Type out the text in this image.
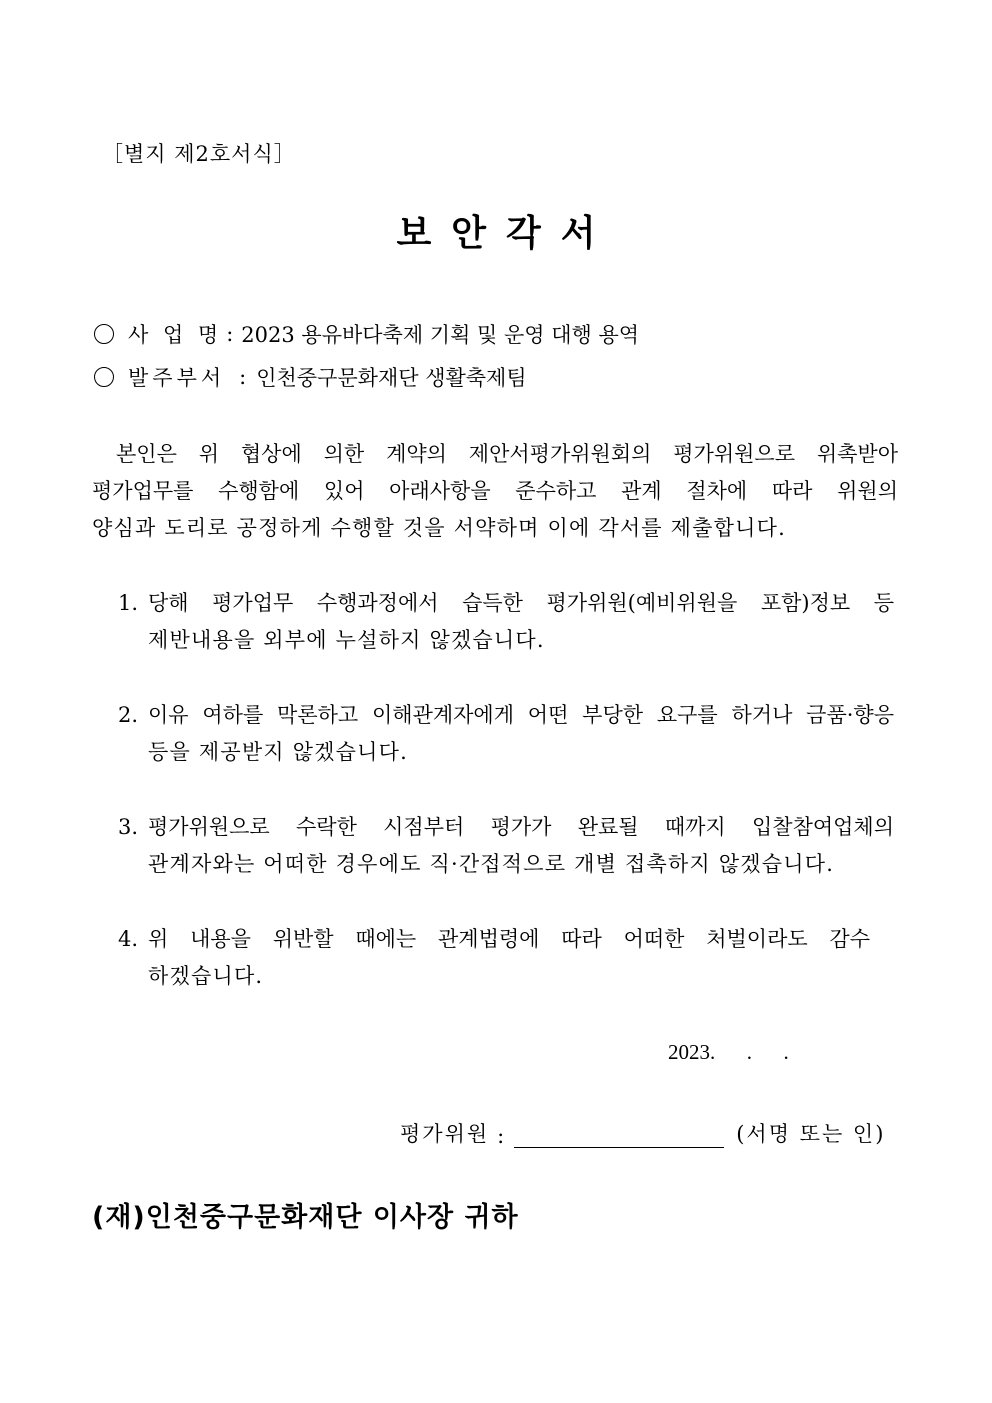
［별지 제2호서식］
보안각서
사 업 명 : 2023 용유바다축제 기획 및 운영 대행 용역
발주부서 : 인천중구문화재단 생활축제팀
본인은 위 협상에 의한 계약의 제안서평가위원회의 평가위원으로 위촉받아
평가업무를 수행함에 있어 아래사항을 준수하고 관계 절차에 따라 위원의
양심과 도리로 공정하게 수행할 것을 서약하며 이에 각서를 제출합니다.
1. 당해 평가업무 수행과정에서 습득한 평가위원(예비위원을 포함)정보 등
제반내용을 외부에 누설하지 않겠습니다.
2. 이유 여하를 막론하고 이해관계자에게 어떤 부당한 요구를 하거나 금품·향응
등을 제공받지 않겠습니다.
3. 평가위원으로 수락한 시점부터 평가가 완료될 때까지 입찰참여업체의
관계자와는 어떠한 경우에도 직·간접적으로 개별 접촉하지 않겠습니다.
4. 위 내용을 위반할 때에는 관계법령에 따라 어떠한 처벌이라도 감수
하겠습니다.
2023.      .      .
평가위원 :	(서명 또는 인)
(재)인천중구문화재단 이사장 귀하
